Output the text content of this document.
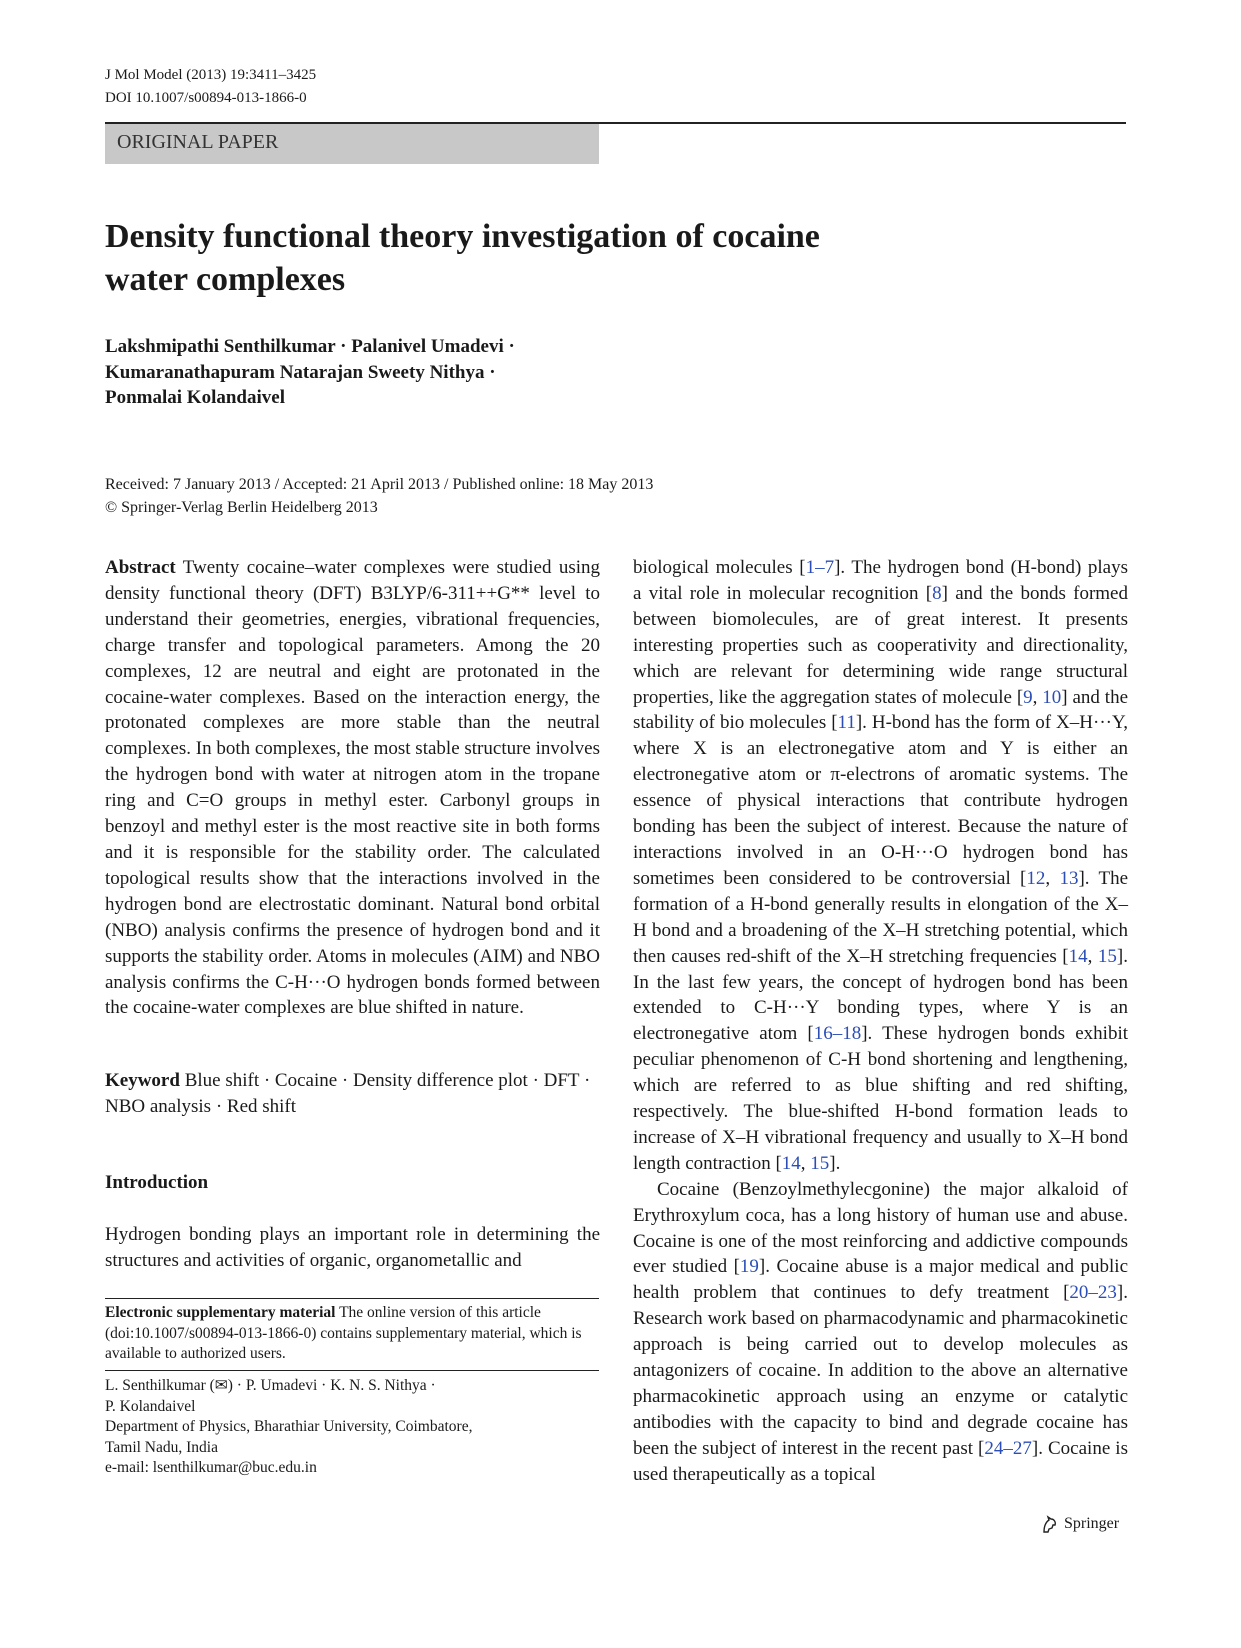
J Mol Model (2013) 19:3411–3425
DOI 10.1007/s00894-013-1866-0
ORIGINAL PAPER
Density functional theory investigation of cocaine water complexes
Lakshmipathi Senthilkumar · Palanivel Umadevi ·
Kumaranathapuram Natarajan Sweety Nithya ·
Ponmalai Kolandaivel
Received: 7 January 2013 / Accepted: 21 April 2013 / Published online: 18 May 2013
© Springer-Verlag Berlin Heidelberg 2013

Abstract Twenty cocaine–water complexes were studied using density functional theory (DFT) B3LYP/6-311++G** level to understand their geometries, energies, vibrational frequencies, charge transfer and topological parameters. Among the 20 complexes, 12 are neutral and eight are protonated in the cocaine-water complexes. Based on the interaction energy, the protonated complexes are more stable than the neutral complexes. In both complexes, the most stable structure involves the hydrogen bond with water at nitrogen atom in the tropane ring and C=O groups in methyl ester. Carbonyl groups in benzoyl and methyl ester is the most reactive site in both forms and it is responsible for the stability order. The calculated topological results show that the interactions involved in the hydrogen bond are electrostatic dominant. Natural bond orbital (NBO) analysis confirms the presence of hydrogen bond and it supports the stability order. Atoms in molecules (AIM) and NBO analysis confirms the C-H···O hydrogen bonds formed between the cocaine-water complexes are blue shifted in nature.

Keyword Blue shift · Cocaine · Density difference plot · DFT · NBO analysis · Red shift
Introduction

Hydrogen bonding plays an important role in determining the structures and activities of organic, organometallic and

Electronic supplementary material The online version of this article (doi:10.1007/s00894-013-1866-0) contains supplementary material, which is available to authorized users.
L. Senthilkumar (✉) · P. Umadevi · K. N. S. Nithya ·
P. Kolandaivel
Department of Physics, Bharathiar University, Coimbatore,
Tamil Nadu, India
e-mail: lsenthilkumar@buc.edu.in

biological molecules [1–7]. The hydrogen bond (H-bond) plays a vital role in molecular recognition [8] and the bonds formed between biomolecules, are of great interest. It presents interesting properties such as cooperativity and directionality, which are relevant for determining wide range structural properties, like the aggregation states of molecule [9, 10] and the stability of bio molecules [11]. H-bond has the form of X–H···Y, where X is an electronegative atom and Y is either an electronegative atom or π-electrons of aromatic systems. The essence of physical interactions that contribute hydrogen bonding has been the subject of interest. Because the nature of interactions involved in an O-H···O hydrogen bond has sometimes been considered to be controversial [12, 13]. The formation of a H-bond generally results in elongation of the X–H bond and a broadening of the X–H stretching potential, which then causes red-shift of the X–H stretching frequencies [14, 15]. In the last few years, the concept of hydrogen bond has been extended to C-H···Y bonding types, where Y is an electronegative atom [16–18]. These hydrogen bonds exhibit peculiar phenomenon of C-H bond shortening and lengthening, which are referred to as blue shifting and red shifting, respectively. The blue-shifted H-bond formation leads to increase of X–H vibrational frequency and usually to X–H bond length contraction [14, 15].

Cocaine (Benzoylmethylecgonine) the major alkaloid of Erythroxylum coca, has a long history of human use and abuse. Cocaine is one of the most reinforcing and addictive compounds ever studied [19]. Cocaine abuse is a major medical and public health problem that continues to defy treatment [20–23]. Research work based on pharmacodynamic and pharmacokinetic approach is being carried out to develop molecules as antagonizers of cocaine. In addition to the above an alternative pharmacokinetic approach using an enzyme or catalytic antibodies with the capacity to bind and degrade cocaine has been the subject of interest in the recent past [24–27]. Cocaine is used therapeutically as a topical

Springer
